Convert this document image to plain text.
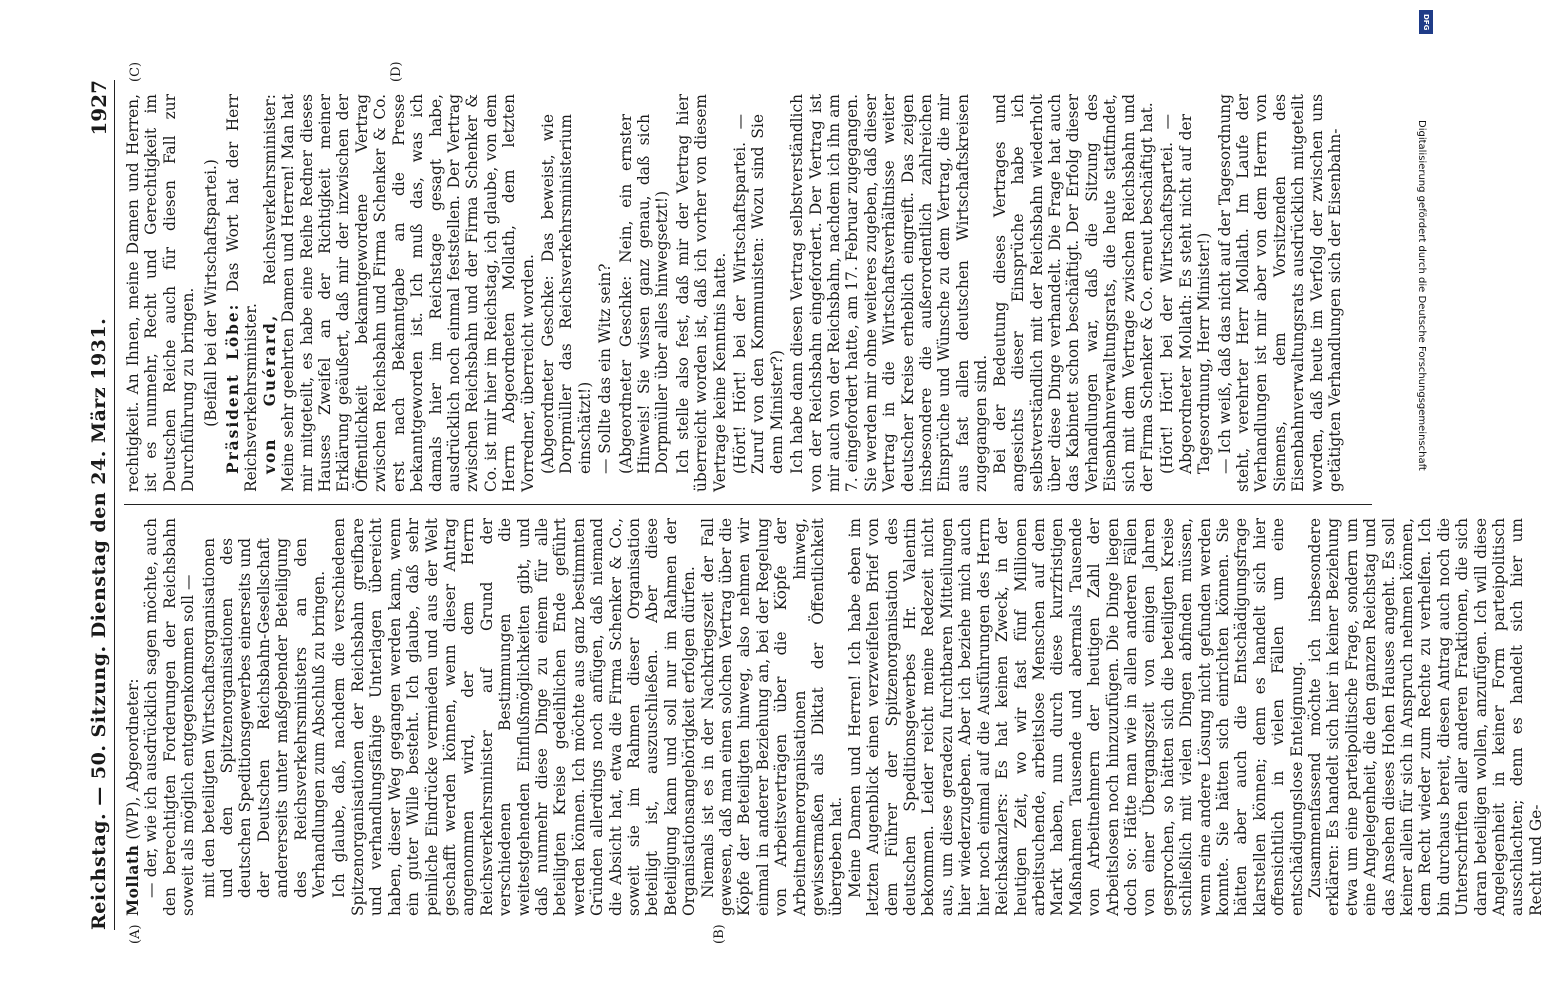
Reichstag. — 50. Sitzung. Dienstag den 24. März 1931.
1927
(A)	(B)
(C)	(D)

Mollath (WP), Abgeordneter: — der, wie ich ausdrücklich sagen möchte, auch den berechtigten Forderungen der Reichsbahn soweit als möglich entgegenkommen soll — mit den beteiligten Wirtschaftsorganisationen und den Spitzenorganisationen des deutschen Speditionsgewerbes einerseits und der Deutschen Reichsbahn-Gesellschaft andererseits unter maßgebender Beteiligung des Reichsverkehrsministers an den Verhandlungen zum Abschluß zu bringen. Ich glaube, daß, nachdem die verschiedenen Spitzenorganisationen der Reichsbahn greifbare und verhandlungsfähige Unterlagen übereicht haben, dieser Weg gegangen werden kann, wenn ein guter Wille besteht. Ich glaube, daß sehr peinliche Eindrücke vermieden und aus der Welt geschafft werden können, wenn dieser Antrag angenommen wird, der dem Herrn Reichsverkehrsminister auf Grund der verschiedenen Bestimmungen die weitestgehenden Einflußmöglichkeiten gibt, und daß nunmehr diese Dinge zu einem für alle beteiligten Kreise gedeihlichen Ende geführt werden können. Ich möchte aus ganz bestimmten Gründen allerdings noch anfügen, daß niemand die Absicht hat, etwa die Firma Schenker & Co., soweit sie im Rahmen dieser Organisation beteiligt ist, auszuschließen. Aber diese Beteiligung kann und soll nur im Rahmen der Organisationsangehörigkeit erfolgen dürfen. Niemals ist es in der Nachkriegszeit der Fall gewesen, daß man einen solchen Vertrag über die Köpfe der Beteiligten hinweg, also nehmen wir einmal in anderer Beziehung an, bei der Regelung von Arbeitsverträgen über die Köpfe der Arbeitnehmerorganisationen hinweg, gewissermaßen als Diktat der Öffentlichkeit übergeben hat. Meine Damen und Herren! Ich habe eben im letzten Augenblick einen verzweifelten Brief von dem Führer der Spitzenorganisation des deutschen Speditionsgewerbes Hr. Valentin bekommen. Leider reicht meine Redezeit nicht aus, um diese geradezu furchtbaren Mitteilungen hier wiederzugeben. Aber ich beziehe mich auch hier noch einmal auf die Ausführungen des Herrn Reichskanzlers: Es hat keinen Zweck, in der heutigen Zeit, wo wir fast fünf Millionen arbeitsuchende, arbeitslose Menschen auf dem Markt haben, nun durch diese kurzfristigen Maßnahmen Tausende und abermals Tausende von Arbeitnehmern der heutigen Zahl der Arbeitslosen noch hinzuzufügen. Die Dinge liegen doch so: Hätte man wie in allen anderen Fällen von einer Übergangszeit von einigen Jahren gesprochen, so hätten sich die beteiligten Kreise schließlich mit vielen Dingen abfinden müssen, wenn eine andere Lösung nicht gefunden werden konnte. Sie hätten sich einrichten können. Sie hätten aber auch die Entschädigungsfrage klarstellen können; denn es handelt sich hier offensichtlich in vielen Fällen um eine entschädigungslose Enteignung. Zusammenfassend möchte ich insbesondere erklären: Es handelt sich hier in keiner Beziehung etwa um eine parteipolitische Frage, sondern um eine Angelegenheit, die den ganzen Reichstag und das Ansehen dieses Hohen Hauses angeht. Es soll keiner allein für sich in Anspruch nehmen können, dem Recht wieder zum Rechte zu verhelfen. Ich bin durchaus bereit, diesen Antrag auch noch die Unterschriften aller anderen Fraktionen, die sich daran beteiligen wollen, anzufügen. Ich will diese Angelegenheit in keiner Form parteipolitisch ausschlachten; denn es handelt sich hier um Recht und Ge-

rechtigkeit. An Ihnen, meine Damen und Herren, ist es nunmehr, Recht und Gerechtigkeit im Deutschen Reiche auch für diesen Fall zur Durchführung zu bringen. (Beifall bei der Wirtschaftspartei.) Präsident Löbe: Das Wort hat der Herr Reichsverkehrsminister. von Guérard, Reichsverkehrsminister: Meine sehr geehrten Damen und Herren! Man hat mir mitgeteilt, es habe eine Reihe Redner dieses Hauses Zweifel an der Richtigkeit meiner Erklärung geäußert, daß mir der inzwischen der Öffentlichkeit bekanntgewordene Vertrag zwischen Reichsbahn und Firma Schenker & Co. erst nach Bekanntgabe an die Presse bekanntgeworden ist. Ich muß das, was ich damals hier im Reichstage gesagt habe, ausdrücklich noch einmal feststellen. Der Vertrag zwischen Reichsbahn und der Firma Schenker & Co. ist mir hier im Reichstag, ich glaube, von dem Herrn Abgeordneten Mollath, dem letzten Vorredner, überreicht worden. (Abgeordneter Geschke: Das beweist, wie Dorpmüller das Reichsverkehrsministerium einschätzt!) — Sollte das ein Witz sein? (Abgeordneter Geschke: Nein, ein ernster Hinweis! Sie wissen ganz genau, daß sich Dorpmüller über alles hinwegsetzt!) Ich stelle also fest, daß mir der Vertrag hier überreicht worden ist, daß ich vorher von diesem Vertrage keine Kenntnis hatte. (Hört! Hört! bei der Wirtschaftspartei. — Zuruf von den Kommunisten: Wozu sind Sie denn Minister?) Ich habe dann diesen Vertrag selbstverständlich von der Reichsbahn eingefordert. Der Vertrag ist mir auch von der Reichsbahn, nachdem ich ihn am 7. eingefordert hatte, am 17. Februar zugegangen. Sie werden mir ohne weiteres zugeben, daß dieser Vertrag in die Wirtschaftsverhältnisse weiter deutscher Kreise erheblich eingreift. Das zeigen insbesondere die außerordentlich zahlreichen Einsprüche und Wünsche zu dem Vertrag, die mir aus fast allen deutschen Wirtschaftskreisen zugegangen sind. Bei der Bedeutung dieses Vertrages und angesichts dieser Einsprüche habe ich selbstverständlich mit der Reichsbahn wiederholt über diese Dinge verhandelt. Die Frage hat auch das Kabinett schon beschäftigt. Der Erfolg dieser Verhandlungen war, daß die Sitzung des Eisenbahnverwaltungsrats, die heute stattfindet, sich mit dem Vertrage zwischen Reichsbahn und der Firma Schenker & Co. erneut beschäftigt hat. (Hört! Hört! bei der Wirtschaftspartei. — Abgeordneter Mollath: Es steht nicht auf der Tagesordnung, Herr Minister!) — Ich weiß, daß das nicht auf der Tagesordnung steht, verehrter Herr Mollath. Im Laufe der Verhandlungen ist mir aber von dem Herrn von Siemens, dem Vorsitzenden des Eisenbahnverwaltungsrats ausdrücklich mitgeteilt worden, daß heute im Verfolg der zwischen uns getätigten Verhandlungen sich der Eisenbahn-

DFG
Digitalisierung gefördert durch die Deutsche Forschungsgemeinschaft
